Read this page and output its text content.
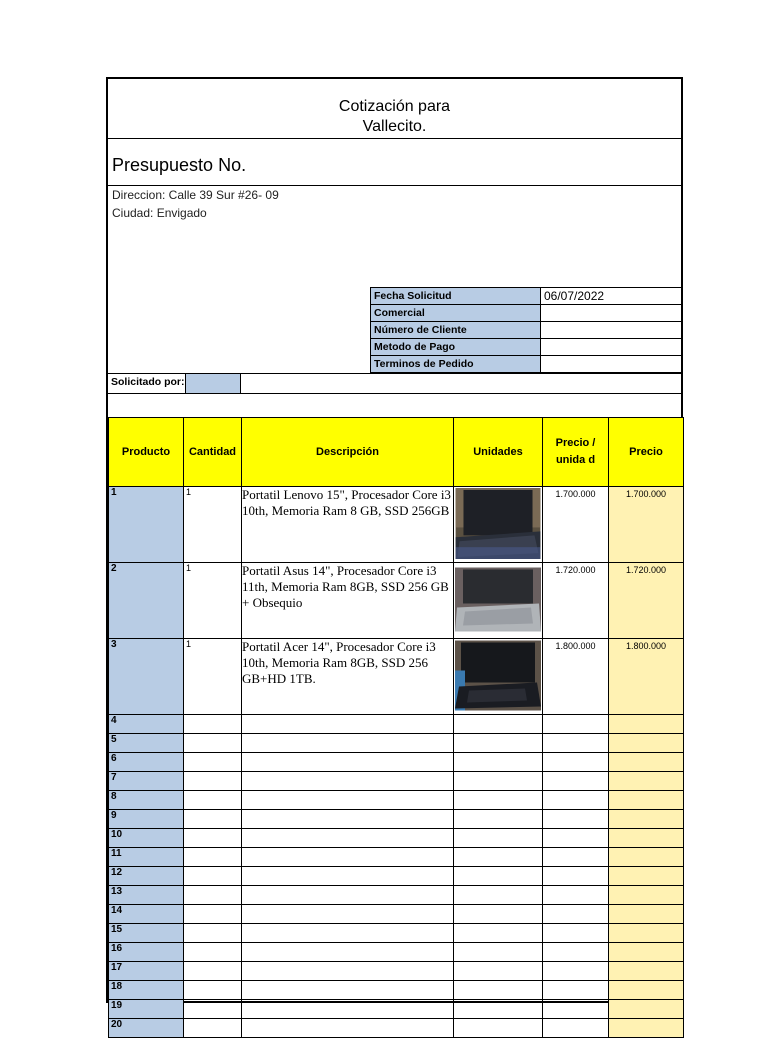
Cotización para
Vallecito.
Presupuesto No.
Direccion: Calle 39 Sur #26- 09
Ciudad: Envigado
Fecha Solicitud	06/07/2022
Comercial	
Número de Cliente	
Metodo de Pago	
Terminos de Pedido	
Solicitado por:
Producto	Cantidad	Descripción	Unidades	Precio / unida d	Precio
1	1	Portatil Lenovo 15", Procesador Core i3 10th, Memoria Ram 8 GB, SSD 256GB		1.700.000	1.700.000
2	1	Portatil Asus 14", Procesador Core i3 11th, Memoria Ram 8GB, SSD 256 GB + Obsequio		1.720.000	1.720.000
3	1	Portatil Acer 14", Procesador Core i3 10th, Memoria Ram 8GB, SSD 256 GB+HD 1TB.		1.800.000	1.800.000
4					
5					
6					
7					
8					
9					
10					
11					
12					
13					
14					
15					
16					
17					
18					
19					
20					
